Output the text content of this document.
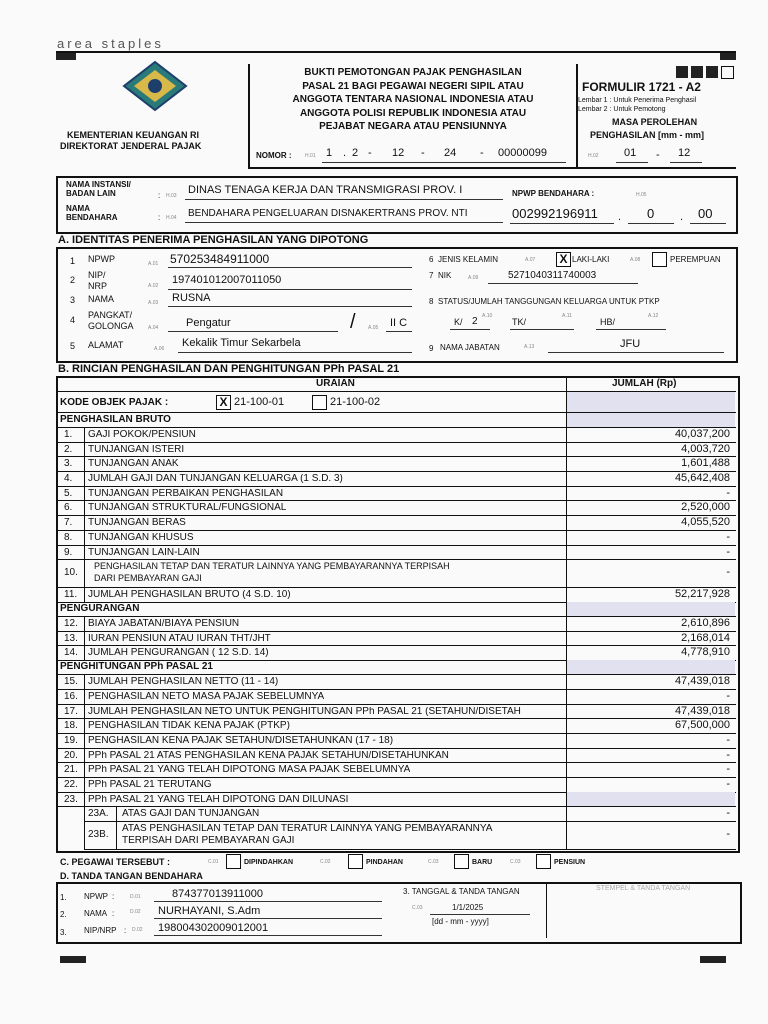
area staples
KEMENTERIAN KEUANGAN RI
DIREKTORAT JENDERAL PAJAK
BUKTI PEMOTONGAN PAJAK PENGHASILAN
PASAL 21 BAGI PEGAWAI NEGERI SIPIL ATAU
ANGGOTA TENTARA NASIONAL INDONESIA ATAU
ANGGOTA POLISI REPUBLIK INDONESIA ATAU
PEJABAT NEGARA ATAU PENSIUNNYA
NOMOR :	H.01 1 . 2 - 12 - 24 - 00000099
FORMULIR 1721 - A2
Lembar 1 : Untuk Penerima Penghasil
Lembar 2 : Untuk Pemotong
MASA PEROLEHAN
PENGHASILAN [mm - mm]
H.02 01 - 12
NAMA INSTANSI/
BADAN LAIN	: H.03 DINAS TENAGA KERJA DAN TRANSMIGRASI PROV. I	NPWP BENDAHARA :	H.05
NAMA
BENDAHARA	: H.04 BENDAHARA PENGELUARAN DISNAKERTRANS PROV. NTI	002992196911 . 0 . 00
A. IDENTITAS PENERIMA PENGHASILAN YANG DIPOTONG
1 NPWP	A.01 570253484911000
2 NIP/
NRP	A.02 197401012007011050
3 NAMA	A.03 RUSNA
4 PANGKAT/
GOLONGA	A.04	Pengatur	/ A.05 II C
5 ALAMAT	A.06 Kekalik Timur Sekarbela
6 JENIS KELAMIN	A.07 X LAKI-LAKI	A.08	PEREMPUAN
7 NIK	A.09	5271040311740003
8 STATUS/JUMLAH TANGGUNGAN KELUARGA UNTUK PTKP
K/ 2 A.10
TK/
A.11
HB/
A.12
9 NAMA JABATAN	A.13	JFU
B. RINCIAN PENGHASILAN DAN PENGHITUNGAN PPh PASAL 21
URAIAN	JUMLAH (Rp)
KODE OBJEK PAJAK :	X 21-100-01	21-100-02
PENGHASILAN BRUTO
1. GAJI POKOK/PENSIUN	40,037,200
2. TUNJANGAN ISTERI	4,003,720
3. TUNJANGAN ANAK	1,601,488
4. JUMLAH GAJI DAN TUNJANGAN KELUARGA (1 S.D. 3)	45,642,408
5. TUNJANGAN PERBAIKAN PENGHASILAN	-
6. TUNJANGAN STRUKTURAL/FUNGSIONAL	2,520,000
7. TUNJANGAN BERAS	4,055,520
8. TUNJANGAN KHUSUS	-
9. TUNJANGAN LAIN-LAIN	-
10.
PENGHASILAN TETAP DAN TERATUR LAINNYA YANG PEMBAYARANNYA TERPISAH
DARI PEMBAYARAN GAJI	-
11. JUMLAH PENGHASILAN BRUTO (4 S.D. 10)	52,217,928
PENGURANGAN
12. BIAYA JABATAN/BIAYA PENSIUN	2,610,896
13. IURAN PENSIUN ATAU IURAN THT/JHT	2,168,014
14. JUMLAH PENGURANGAN ( 12 S.D. 14)	4,778,910
PENGHITUNGAN PPh PASAL 21
15. JUMLAH PENGHASILAN NETTO (11 - 14)	47,439,018
16. PENGHASILAN NETO MASA PAJAK SEBELUMNYA	-
17. JUMLAH PENGHASILAN NETO UNTUK PENGHITUNGAN PPh PASAL 21 (SETAHUN/DISETAH	47,439,018
18. PENGHASILAN TIDAK KENA PAJAK (PTKP)	67,500,000
19. PENGHASILAN KENA PAJAK SETAHUN/DISETAHUNKAN (17 - 18)	-
20. PPh PASAL 21 ATAS PENGHASILAN KENA PAJAK SETAHUN/DISETAHUNKAN	-
21. PPh PASAL 21 YANG TELAH DIPOTONG MASA PAJAK SEBELUMNYA	-
22. PPh PASAL 21 TERUTANG	-
23. PPh PASAL 21 YANG TELAH DIPOTONG DAN DILUNASI
23A. ATAS GAJI DAN TUNJANGAN	-
23B.
ATAS PENGHASILAN TETAP DAN TERATUR LAINNYA YANG PEMBAYARANNYA
TERPISAH DARI PEMBAYARAN GAJI
-
C. PEGAWAI TERSEBUT :	C.01	DIPINDAHKAN	C.02	PINDAHAN	C.03	BARU	C.03	PENSIUN
D. TANDA TANGAN BENDAHARA
1. NPWP :	D.01	874377013911000
2. NAMA :	D.02 NURHAYANI, S.Adm
3. NIP/NRP : D.02 198004302009012001
3. TANGGAL & TANDA TANGAN
C.03	1/1/2025
[dd - mm - yyyy]
STEMPEL & TANDA TANGAN
